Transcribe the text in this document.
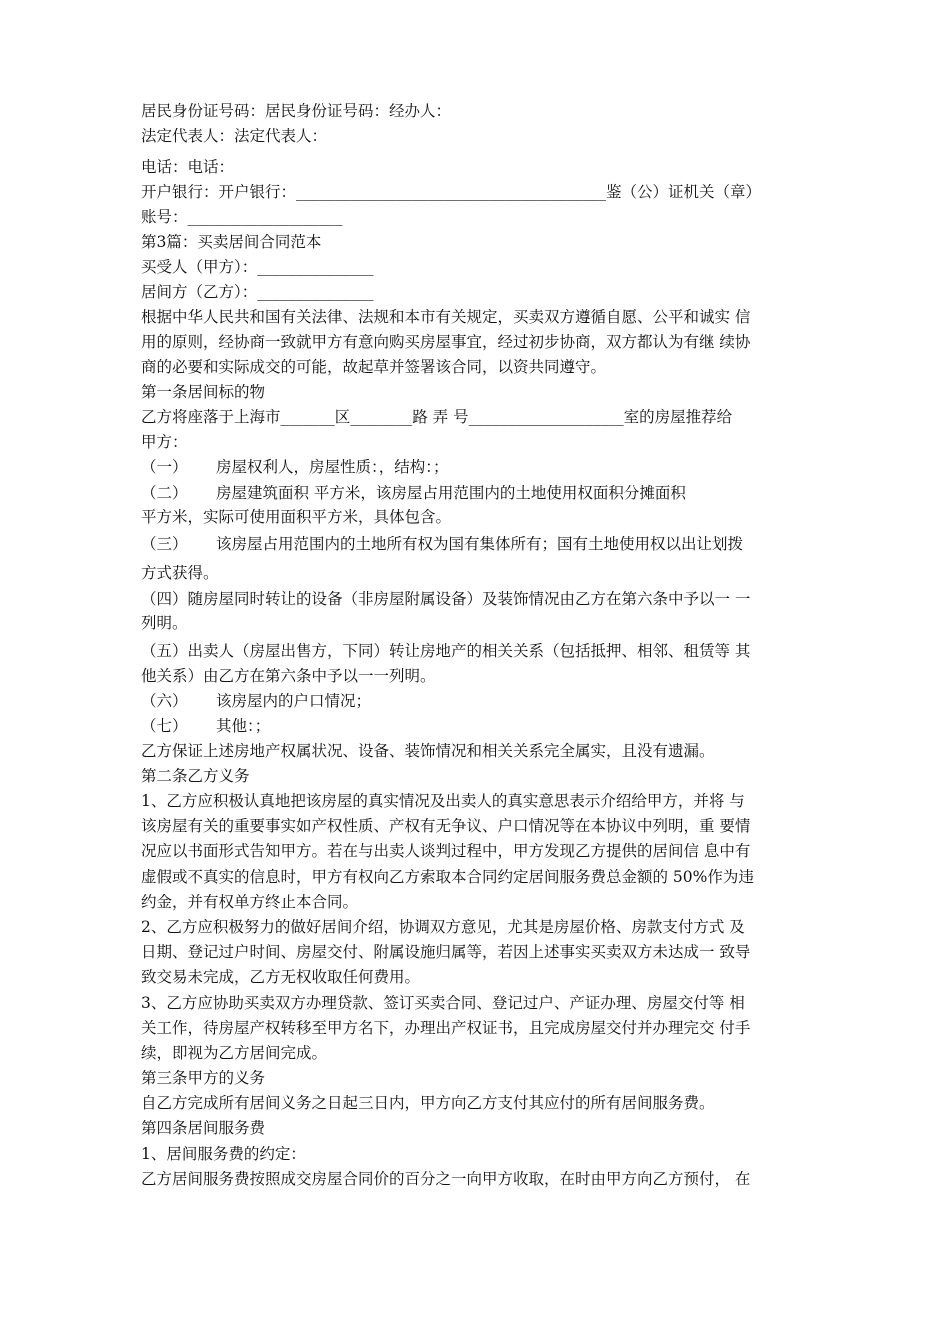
居民身份证号码：居民身份证号码：经办人：
法定代表人：法定代表人：
电话：电话：
开户银行：开户银行：________________________________________鉴（公）证机关（章）
账号：____________________
第3篇：买卖居间合同范本
买受人（甲方）：_______________
居间方（乙方）：_______________
根据中华人民共和国有关法律、法规和本市有关规定，买卖双方遵循自愿、公平和诚实 信
用的原则，经协商一致就甲方有意向购买房屋事宜，经过初步协商，双方都认为有继 续协
商的必要和实际成交的可能，故起草并签署该合同，以资共同遵守。
第一条居间标的物
乙方将座落于上海市_______区________路 弄 号____________________室的房屋推荐给
甲方：
（一） 房屋权利人，房屋性质：，结构：；
（二） 房屋建筑面积 平方米，该房屋占用范围内的土地使用权面积分摊面积
平方米，实际可使用面积平方米，具体包含。
（三） 该房屋占用范围内的土地所有权为国有集体所有；国有土地使用权以出让划拨
方式获得。
（四）随房屋同时转让的设备（非房屋附属设备）及装饰情况由乙方在第六条中予以一 一
列明。
（五）出卖人（房屋出售方，下同）转让房地产的相关关系（包括抵押、相邻、租赁等 其
他关系）由乙方在第六条中予以一一列明。
（六） 该房屋内的户口情况；
（七） 其他：；
乙方保证上述房地产权属状况、设备、装饰情况和相关关系完全属实，且没有遗漏。
第二条乙方义务
1、乙方应积极认真地把该房屋的真实情况及出卖人的真实意思表示介绍给甲方，并将 与
该房屋有关的重要事实如产权性质、产权有无争议、户口情况等在本协议中列明，重 要情
况应以书面形式告知甲方。若在与出卖人谈判过程中，甲方发现乙方提供的居间信 息中有
虚假或不真实的信息时，甲方有权向乙方索取本合同约定居间服务费总金额的 50%作为违
约金，并有权单方终止本合同。
2、乙方应积极努力的做好居间介绍，协调双方意见，尤其是房屋价格、房款支付方式 及
日期、登记过户时间、房屋交付、附属设施归属等，若因上述事实买卖双方未达成一 致导
致交易未完成，乙方无权收取任何费用。
3、乙方应协助买卖双方办理贷款、签订买卖合同、登记过户、产证办理、房屋交付等 相
关工作，待房屋产权转移至甲方名下，办理出产权证书，且完成房屋交付并办理完交 付手
续，即视为乙方居间完成。
第三条甲方的义务
自乙方完成所有居间义务之日起三日内，甲方向乙方支付其应付的所有居间服务费。
第四条居间服务费
1、居间服务费的约定：
乙方居间服务费按照成交房屋合同价的百分之一向甲方收取，在时由甲方向乙方预付， 在
